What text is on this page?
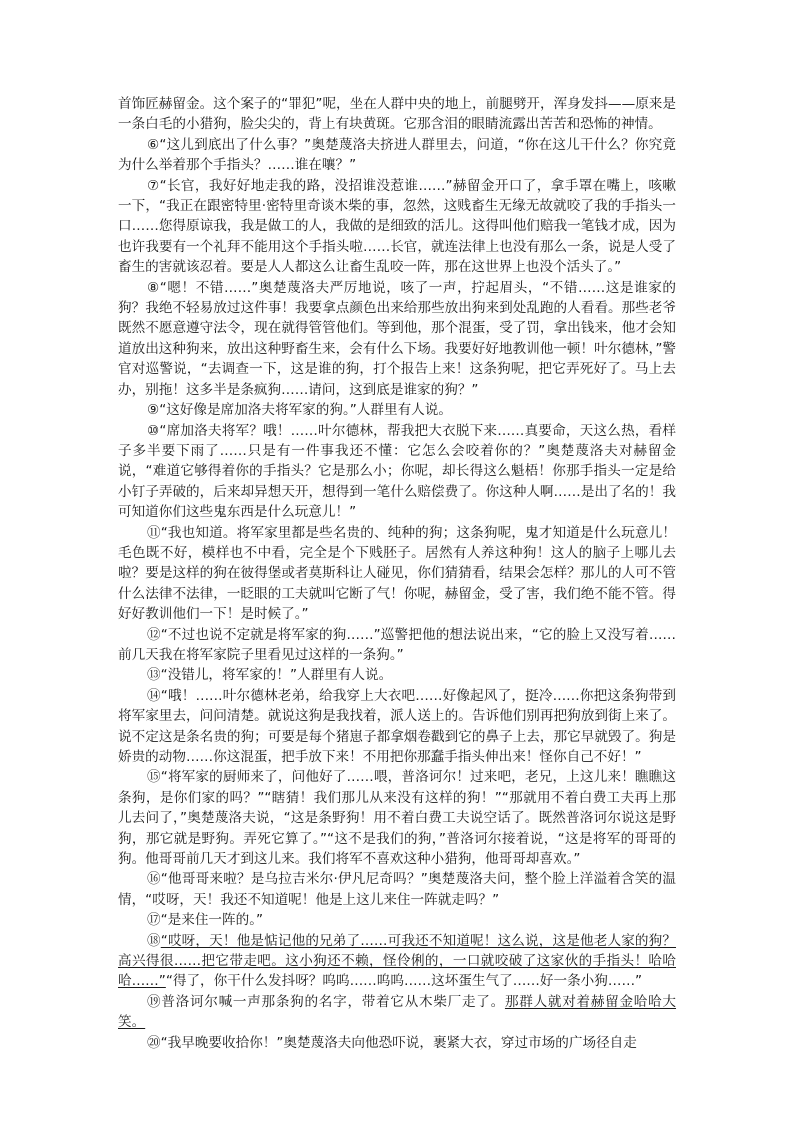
首饰匠赫留金。这个案子的“罪犯”呢，坐在人群中央的地上，前腿劈开，浑身发抖——原来是一条白毛的小猎狗，脸尖尖的，背上有块黄斑。它那含泪的眼睛流露出苦苦和恐怖的神情。

⑥“这儿到底出了什么事？”奥楚蔑洛夫挤进人群里去，问道，“你在这儿干什么？你究竟为什么举着那个手指头？……谁在嚷？”

⑦“长官，我好好地走我的路，没招谁没惹谁……”赫留金开口了，拿手罩在嘴上，咳嗽一下，“我正在跟密特里·密特里奇谈木柴的事，忽然，这贱畜生无缘无故就咬了我的手指头一口……您得原谅我，我是做工的人，我做的是细致的活儿。这得叫他们赔我一笔钱才成，因为也许我要有一个礼拜不能用这个手指头啦……长官，就连法律上也没有那么一条，说是人受了畜生的害就该忍着。要是人人都这么让畜生乱咬一阵，那在这世界上也没个活头了。”

⑧“嗯！不错……”奥楚蔑洛夫严厉地说，咳了一声，拧起眉头，“不错……这是谁家的狗？我绝不轻易放过这件事！我要拿点颜色出来给那些放出狗来到处乱跑的人看看。那些老爷既然不愿意遵守法令，现在就得管管他们。等到他，那个混蛋，受了罚，拿出钱来，他才会知道放出这种狗来，放出这种野畜生来，会有什么下场。我要好好地教训他一顿！叶尔德林，”警官对巡警说，“去调查一下，这是谁的狗，打个报告上来！这条狗呢，把它弄死好了。马上去办，别拖！这多半是条疯狗……请问，这到底是谁家的狗？”

⑨“这好像是席加洛夫将军家的狗。”人群里有人说。

⑩“席加洛夫将军？哦！……叶尔德林，帮我把大衣脱下来……真要命，天这么热，看样子多半要下雨了……只是有一件事我还不懂：它怎么会咬着你的？”奥楚蔑洛夫对赫留金说，“难道它够得着你的手指头？它是那么小；你呢，却长得这么魁梧！你那手指头一定是给小钉子弄破的，后来却异想天开，想得到一笔什么赔偿费了。你这种人啊……是出了名的！我可知道你们这些鬼东西是什么玩意儿！”

⑪“我也知道。将军家里都是些名贵的、纯种的狗；这条狗呢，鬼才知道是什么玩意儿！毛色既不好，模样也不中看，完全是个下贱胚子。居然有人养这种狗！这人的脑子上哪儿去啦？要是这样的狗在彼得堡或者莫斯科让人碰见，你们猜猜看，结果会怎样？那儿的人可不管什么法律不法律，一眨眼的工夫就叫它断了气！你呢，赫留金，受了害，我们绝不能不管。得好好教训他们一下！是时候了。”

⑫“不过也说不定就是将军家的狗……”巡警把他的想法说出来，“它的脸上又没写着……前几天我在将军家院子里看见过这样的一条狗。”

⑬“没错儿，将军家的！”人群里有人说。

⑭“哦！……叶尔德林老弟，给我穿上大衣吧……好像起风了，挺冷……你把这条狗带到将军家里去，问问清楚。就说这狗是我找着，派人送上的。告诉他们别再把狗放到街上来了。说不定这是条名贵的狗；可要是每个猪崽子都拿烟卷戳到它的鼻子上去，那它早就毁了。狗是娇贵的动物……你这混蛋，把手放下来！不用把你那蠢手指头伸出来！怪你自己不好！”

⑮“将军家的厨师来了，问他好了……喂，普洛诃尔！过来吧，老兄，上这儿来！瞧瞧这条狗，是你们家的吗？”“瞎猜！我们那儿从来没有这样的狗！”“那就用不着白费工夫再上那儿去问了，”奥楚蔑洛夫说，“这是条野狗！用不着白费工夫说空话了。既然普洛诃尔说这是野狗，那它就是野狗。弄死它算了。”“这不是我们的狗，”普洛诃尔接着说，“这是将军的哥哥的狗。他哥哥前几天才到这儿来。我们将军不喜欢这种小猎狗，他哥哥却喜欢。”

⑯“他哥哥来啦？是乌拉吉米尔·伊凡尼奇吗？”奥楚蔑洛夫问，整个脸上洋溢着含笑的温情，“哎呀，天！我还不知道呢！他是上这儿来住一阵就走吗？”

⑰“是来住一阵的。”

⑱“哎呀，天！他是惦记他的兄弟了……可我还不知道呢！这么说，这是他老人家的狗？高兴得很……把它带走吧。这小狗还不赖，怪伶俐的，一口就咬破了这家伙的手指头！哈哈哈……”“得了，你干什么发抖呀？呜呜……呜呜……这坏蛋生气了……好一条小狗……”

⑲普洛诃尔喊一声那条狗的名字，带着它从木柴厂走了。那群人就对着赫留金哈哈大笑。

⑳“我早晚要收拾你！”奥楚蔑洛夫向他恐吓说，裹紧大衣，穿过市场的广场径自走
